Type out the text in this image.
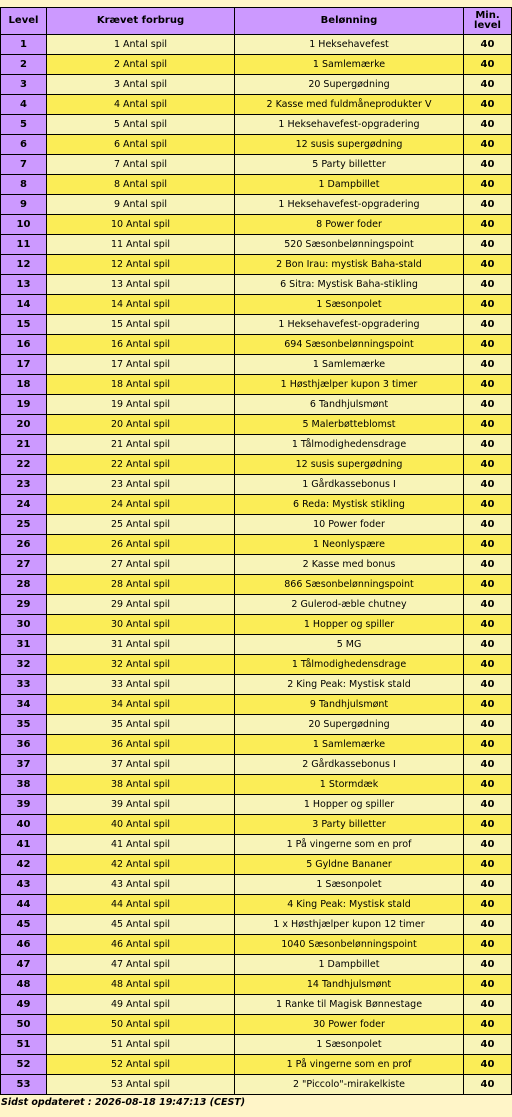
Level	Krævet forbrug	Belønning	Min.
level
1	1 Antal spil	1 Heksehavefest	40
2	2 Antal spil	1 Samlemærke	40
3	3 Antal spil	20 Supergødning	40
4	4 Antal spil	2 Kasse med fuldmåneprodukter V	40
5	5 Antal spil	1 Heksehavefest-opgradering	40
6	6 Antal spil	12 susis supergødning	40
7	7 Antal spil	5 Party billetter	40
8	8 Antal spil	1 Dampbillet	40
9	9 Antal spil	1 Heksehavefest-opgradering	40
10	10 Antal spil	8 Power foder	40
11	11 Antal spil	520 Sæsonbelønningspoint	40
12	12 Antal spil	2 Bon Irau: mystisk Baha-stald	40
13	13 Antal spil	6 Sitra: Mystisk Baha-stikling	40
14	14 Antal spil	1 Sæsonpolet	40
15	15 Antal spil	1 Heksehavefest-opgradering	40
16	16 Antal spil	694 Sæsonbelønningspoint	40
17	17 Antal spil	1 Samlemærke	40
18	18 Antal spil	1 Høsthjælper kupon 3 timer	40
19	19 Antal spil	6 Tandhjulsmønt	40
20	20 Antal spil	5 Malerbøtteblomst	40
21	21 Antal spil	1 Tålmodighedensdrage	40
22	22 Antal spil	12 susis supergødning	40
23	23 Antal spil	1 Gårdkassebonus I	40
24	24 Antal spil	6 Reda: Mystisk stikling	40
25	25 Antal spil	10 Power foder	40
26	26 Antal spil	1 Neonlyspære	40
27	27 Antal spil	2 Kasse med bonus	40
28	28 Antal spil	866 Sæsonbelønningspoint	40
29	29 Antal spil	2 Gulerod-æble chutney	40
30	30 Antal spil	1 Hopper og spiller	40
31	31 Antal spil	5 MG	40
32	32 Antal spil	1 Tålmodighedensdrage	40
33	33 Antal spil	2 King Peak: Mystisk stald	40
34	34 Antal spil	9 Tandhjulsmønt	40
35	35 Antal spil	20 Supergødning	40
36	36 Antal spil	1 Samlemærke	40
37	37 Antal spil	2 Gårdkassebonus I	40
38	38 Antal spil	1 Stormdæk	40
39	39 Antal spil	1 Hopper og spiller	40
40	40 Antal spil	3 Party billetter	40
41	41 Antal spil	1 På vingerne som en prof	40
42	42 Antal spil	5 Gyldne Bananer	40
43	43 Antal spil	1 Sæsonpolet	40
44	44 Antal spil	4 King Peak: Mystisk stald	40
45	45 Antal spil	1 x Høsthjælper kupon 12 timer	40
46	46 Antal spil	1040 Sæsonbelønningspoint	40
47	47 Antal spil	1 Dampbillet	40
48	48 Antal spil	14 Tandhjulsmønt	40
49	49 Antal spil	1 Ranke til Magisk Bønnestage	40
50	50 Antal spil	30 Power foder	40
51	51 Antal spil	1 Sæsonpolet	40
52	52 Antal spil	1 På vingerne som en prof	40
53	53 Antal spil	2 "Piccolo"-mirakelkiste	40
Sidst opdateret : 2026-08-18 19:47:13 (CEST)
